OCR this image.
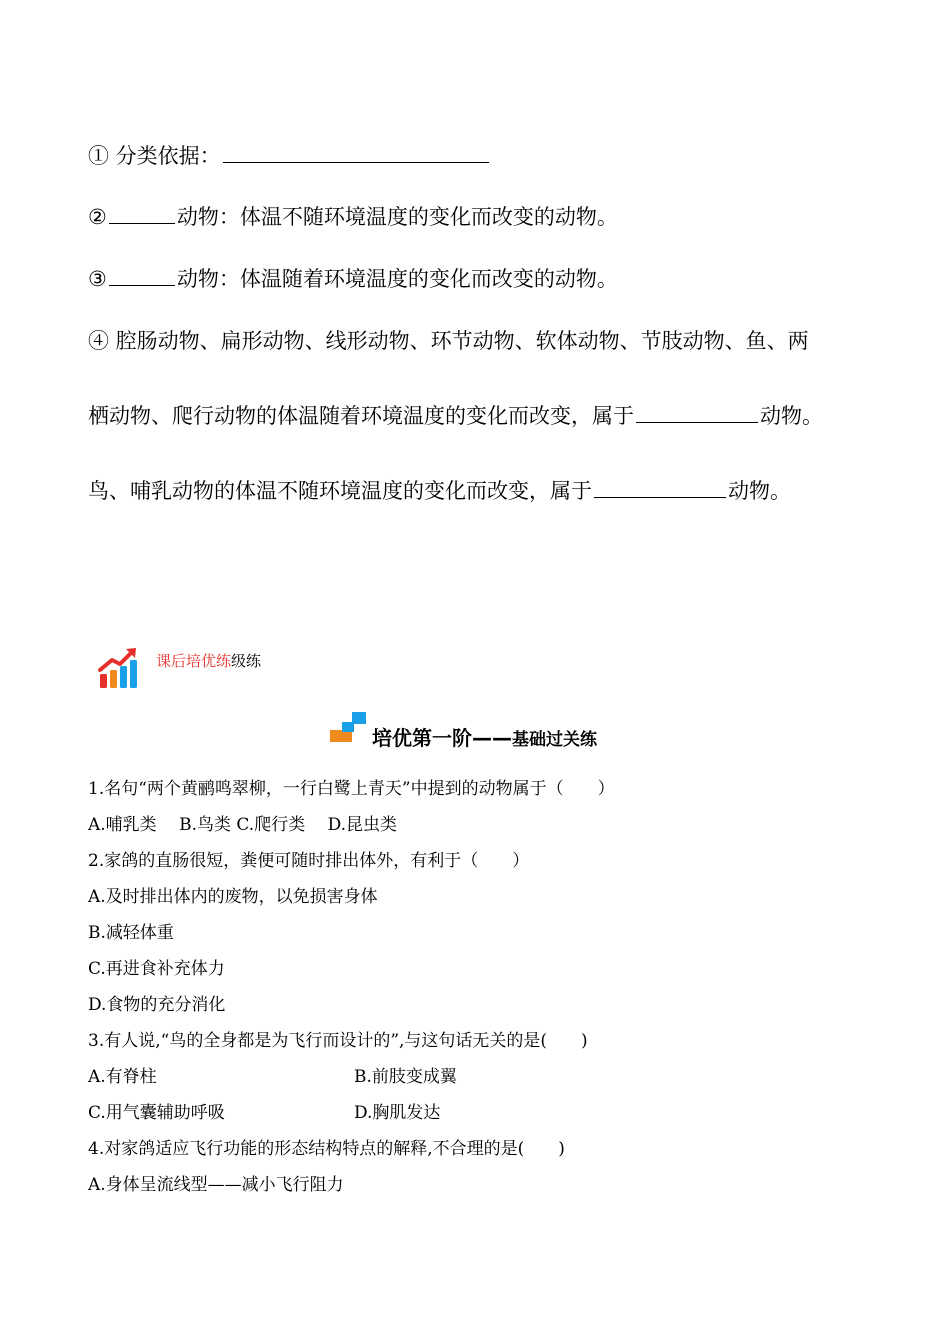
① 分类依据：
②	动物：体温不随环境温度的变化而改变的动物。
③	动物：体温随着环境温度的变化而改变的动物。
④ 腔肠动物、扁形动物、线形动物、环节动物、软体动物、节肢动物、鱼、两
栖动物、爬行动物的体温随着环境温度的变化而改变，属于	动物。
鸟、哺乳动物的体温不随环境温度的变化而改变，属于	动物。
课后培优练级练
培优第一阶——基础过关练
1.名句“两个黄鹂鸣翠柳，一行白鹭上青天”中提到的动物属于（　　）
A.哺乳类　 B.鸟类 C.爬行类　 D.昆虫类
2.家鸽的直肠很短，粪便可随时排出体外，有利于（　　）
A.及时排出体内的废物，以免损害身体
B.减轻体重
C.再进食补充体力
D.食物的充分消化
3.有人说,“鸟的全身都是为飞行而设计的”,与这句话无关的是(　　)
A.有脊柱	B.前肢变成翼
C.用气囊辅助呼吸	D.胸肌发达
4.对家鸽适应飞行功能的形态结构特点的解释,不合理的是(　　)
A.身体呈流线型——减小飞行阻力
